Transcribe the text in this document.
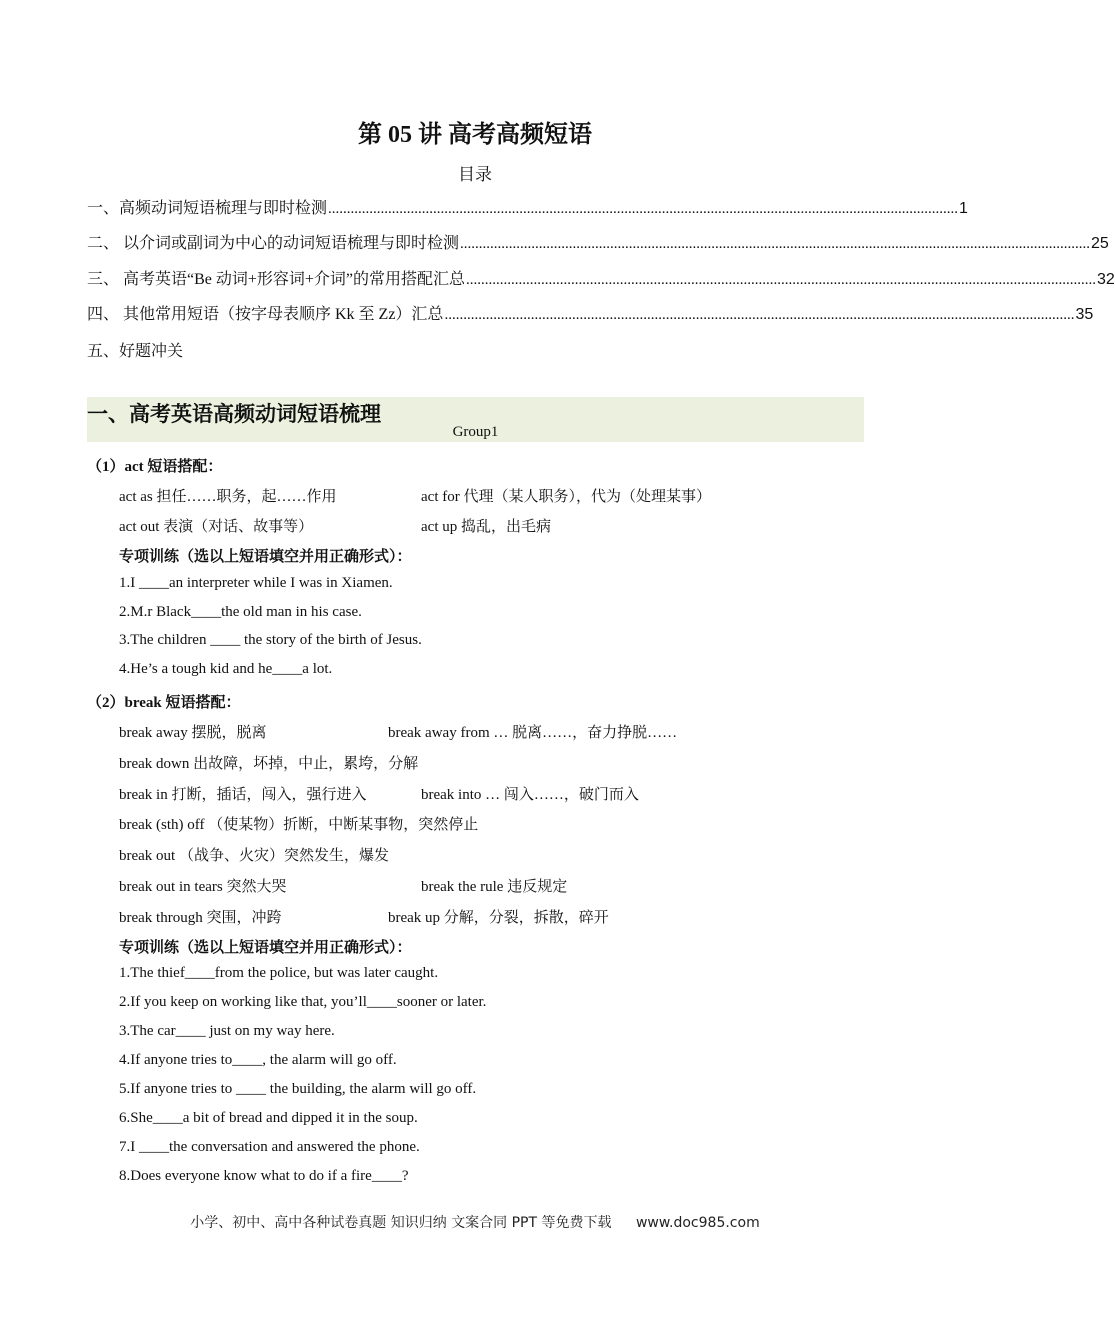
第 05 讲 高考高频短语
目录
一、高频动词短语梳理与即时检测 ........................................................................................................................................................................ 1
二、 以介词或副词为中心的动词短语梳理与即时检测 ........................................................................................................................................................................ 25
三、 高考英语“Be 动词+形容词+介词”的常用搭配汇总 ........................................................................................................................................................................ 32
四、 其他常用短语（按字母表顺序 Kk 至 Zz）汇总 ........................................................................................................................................................................ 35
五、好题冲关
一、高考英语高频动词短语梳理
Group1
（1）act 短语搭配：
act as 担任……职务，起……作用	act for 代理（某人职务），代为（处理某事）
act out 表演（对话、故事等）	act up 捣乱，出毛病
专项训练（选以上短语填空并用正确形式）：
1.I ____an interpreter while I was in Xiamen.
2.M.r Black____the old man in his case.
3.The children ____ the story of the birth of Jesus.
4.He’s a tough kid and he____a lot.
（2）break 短语搭配：
break away 摆脱，脱离	break away from … 脱离……，奋力挣脱……
break down 出故障，坏掉，中止，累垮，分解
break in 打断，插话，闯入，强行进入	break into … 闯入……，破门而入
break (sth) off （使某物）折断，中断某事物，突然停止
break out （战争、火灾）突然发生，爆发
break out in tears 突然大哭	break the rule 违反规定
break through 突围，冲跨	break up 分解，分裂，拆散，碎开
专项训练（选以上短语填空并用正确形式）：
1.The thief____from the police, but was later caught.
2.If you keep on working like that, you’ll____sooner or later.
3.The car____ just on my way here.
4.If anyone tries to____, the alarm will go off.
5.If anyone tries to ____ the building, the alarm will go off.
6.She____a bit of bread and dipped it in the soup.
7.I ____the conversation and answered the phone.
8.Does everyone know what to do if a fire____?
小学、初中、高中各种试卷真题 知识归纳 文案合同 PPT 等免费下载 www.doc985.com
